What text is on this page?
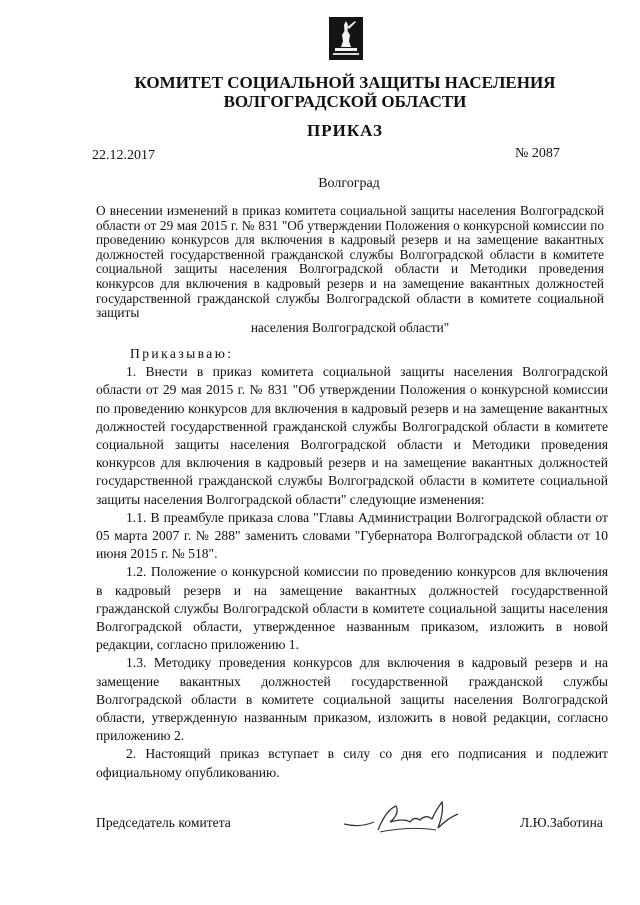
КОМИТЕТ СОЦИАЛЬНОЙ ЗАЩИТЫ НАСЕЛЕНИЯ
ВОЛГОГРАДСКОЙ ОБЛАСТИ
ПРИКАЗ
22.12.2017	№ 2087
Волгоград
О внесении изменений в приказ комитета социальной защиты населения Волгоградской области от 29 мая 2015 г. № 831 "Об утверждении Положения о конкурсной комиссии по проведению конкурсов для включения в кадровый резерв и на замещение вакантных должностей государственной гражданской службы Волгоградской области в комитете социальной защиты населения Волгоградской области и Методики проведения конкурсов для включения в кадровый резерв и на замещение вакантных должностей государственной гражданской службы Волгоградской области в комитете социальной защиты
населения Волгоградской области"

Приказываю:

1. Внести в приказ комитета социальной защиты населения Волгоградской области от 29 мая 2015 г. № 831 "Об утверждении Положения о конкурсной комиссии по проведению конкурсов для включения в кадровый резерв и на замещение вакантных должностей государственной гражданской службы Волгоградской области в комитете социальной защиты населения Волгоградской области и Методики проведения конкурсов для включения в кадровый резерв и на замещение вакантных должностей государственной гражданской службы Волгоградской области в комитете социальной защиты населения Волгоградской области" следующие изменения:

1.1. В преамбуле приказа слова "Главы Администрации Волгоградской области от 05 марта 2007 г. № 288" заменить словами "Губернатора Волгоградской области от 10 июня 2015 г. № 518".

1.2. Положение о конкурсной комиссии по проведению конкурсов для включения в кадровый резерв и на замещение вакантных должностей государственной гражданской службы Волгоградской области в комитете социальной защиты населения Волгоградской области, утвержденное названным приказом, изложить в новой редакции, согласно приложению 1.

1.3. Методику проведения конкурсов для включения в кадровый резерв и на замещение вакантных должностей государственной гражданской службы Волгоградской области в комитете социальной защиты населения Волгоградской области, утвержденную названным приказом, изложить в новой редакции, согласно приложению 2.

2. Настоящий приказ вступает в силу со дня его подписания и подлежит официальному опубликованию.

Председатель комитета	Л.Ю.Заботина
